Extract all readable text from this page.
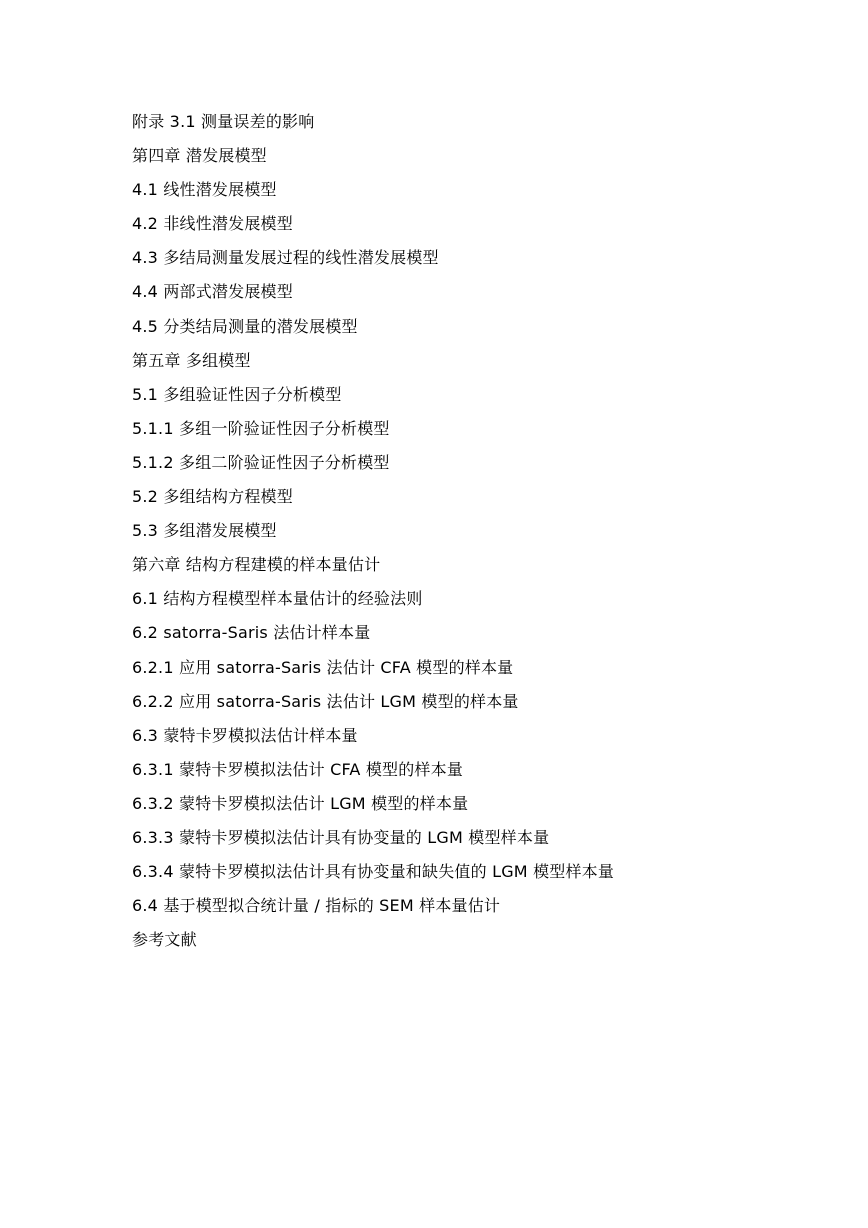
附录 3.1 测量误差的影响
第四章 潜发展模型
4.1 线性潜发展模型
4.2 非线性潜发展模型
4.3 多结局测量发展过程的线性潜发展模型
4.4 两部式潜发展模型
4.5 分类结局测量的潜发展模型
第五章 多组模型
5.1 多组验证性因子分析模型
5.1.1 多组一阶验证性因子分析模型
5.1.2 多组二阶验证性因子分析模型
5.2 多组结构方程模型
5.3 多组潜发展模型
第六章 结构方程建模的样本量估计
6.1 结构方程模型样本量估计的经验法则
6.2 satorra-Saris 法估计样本量
6.2.1 应用 satorra-Saris 法估计 CFA 模型的样本量
6.2.2 应用 satorra-Saris 法估计 LGM 模型的样本量
6.3 蒙特卡罗模拟法估计样本量
6.3.1 蒙特卡罗模拟法估计 CFA 模型的样本量
6.3.2 蒙特卡罗模拟法估计 LGM 模型的样本量
6.3.3 蒙特卡罗模拟法估计具有协变量的 LGM 模型样本量
6.3.4 蒙特卡罗模拟法估计具有协变量和缺失值的 LGM 模型样本量
6.4 基于模型拟合统计量 / 指标的 SEM 样本量估计
参考文献
